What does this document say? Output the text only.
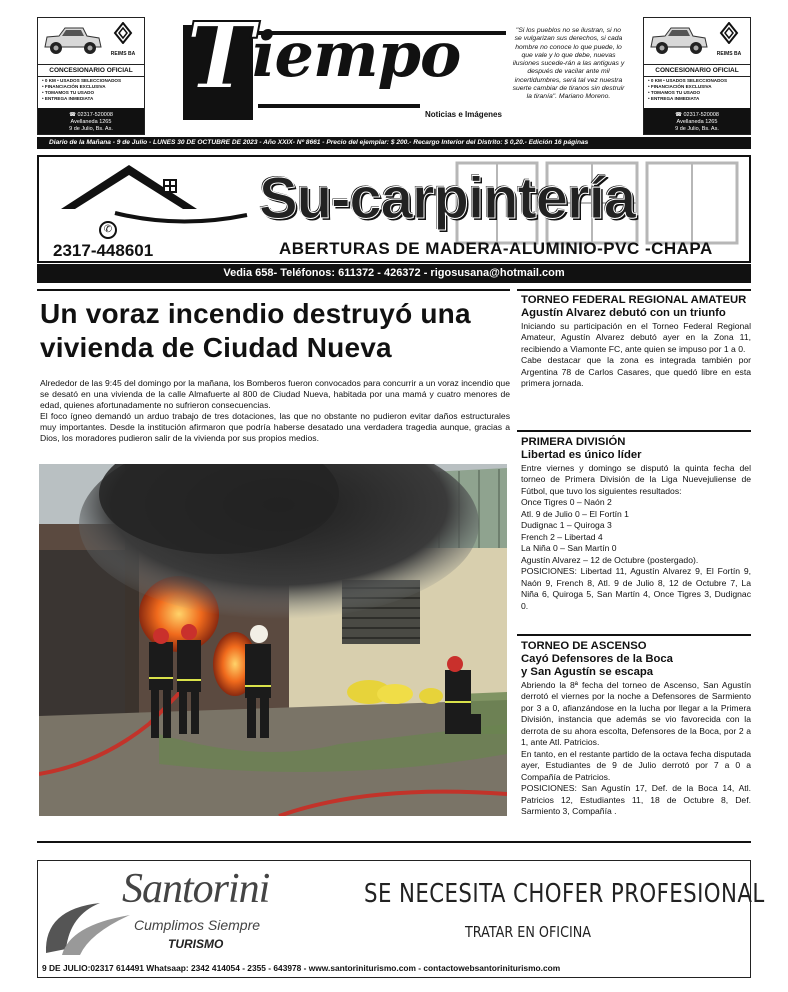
REIMS BA
CONCESIONARIO OFICIAL
• 0 KM • USADOS SELECCIONADOS
• FINANCIACIÓN EXCLUSIVA
• TOMAMOS TU USADO
• ENTREGA INMEDIATA
☎ 02317-520008
Avellaneda 1265
9 de Julio, Bs. As.
T
iempo
Noticias e Imágenes
"Si los pueblos no se ilustran, si no se vulgarizan sus derechos, si cada hombre no conoce lo que puede, lo que vale y lo que debe, nuevas ilusiones sucede-rán a las antiguas y después de vacilar ante mil incertidumbres, será tal vez nuestra suerte cambiar de tiranos sin destruir la tiranía". Mariano Moreno.
REIMS BA
CONCESIONARIO OFICIAL
• 0 KM • USADOS SELECCIONADOS
• FINANCIACIÓN EXCLUSIVA
• TOMAMOS TU USADO
• ENTREGA INMEDIATA
☎ 02317-520008
Avellaneda 1265
9 de Julio, Bs. As.
Diario de la Mañana - 9 de Julio - LUNES 30 DE OCTUBRE DE 2023 - Año XXIX- Nº 8661 - Precio del ejemplar: $ 200.- Recargo Interior del Distrito: $ 0,20.- Edición 16 páginas
Su-carpintería
✆
2317-448601	ABERTURAS DE MADERA-ALUMINIO-PVC -CHAPA
Vedia 658- Teléfonos: 611372 - 426372 - rigosusana@hotmail.com
Un voraz incendio destruyó una vivienda de Ciudad Nueva

Alrededor de las 9:45 del domingo por la mañana, los Bomberos fueron convocados para concurrir a un voraz incendio que se desató en una vivienda de la calle Almafuerte al 800 de Ciudad Nueva, habitada por una mamá y cuatro menores de edad, quienes afortunadamente no sufrieron consecuencias.

El foco ígneo demandó un arduo trabajo de tres dotaciones, las que no obstante no pudieron evitar daños estructurales muy importantes. Desde la institución afirmaron que podría haberse desatado una verdadera tragedia aunque, gracias a Dios, los moradores pudieron salir de la vivienda por sus propios medios.

TORNEO FEDERAL REGIONAL AMATEUR
Agustín Alvarez debutó con un triunfo

Iniciando su participación en el Torneo Federal Regional Amateur, Agustín Alvarez debutó ayer en la Zona 11, recibiendo a Viamonte FC, ante quien se impuso por 1 a 0.

Cabe destacar que la zona es integrada también por Argentina 78 de Carlos Casares, que quedó libre en esta primera jornada.

PRIMERA DIVISIÓN
Libertad es único líder

Entre viernes y domingo se disputó la quinta fecha del torneo de Primera División de la Liga Nuevejuliense de Fútbol, que tuvo los siguientes resultados:

Once Tigres 0 – Naón 2

Atl. 9 de Julio 0 – El Fortín 1

Dudignac 1 – Quiroga 3

French 2 – Libertad 4

La Niña 0 – San Martín 0

Agustín Alvarez – 12 de Octubre (postergado).

POSICIONES: Libertad 11, Agustín Alvarez 9, El Fortín 9, Naón 9, French 8, Atl. 9 de Julio 8, 12 de Octubre 7, La Niña 6, Quiroga 5, San Martín 4, Once Tigres 3, Dudignac 0.

TORNEO DE ASCENSO
Cayó Defensores de la Boca
y San Agustín se escapa

Abriendo la 8ª fecha del torneo de Ascenso, San Agustín derrotó el viernes por la noche a Defensores de Sarmiento por 3 a 0, afianzándose en la lucha por llegar a la Primera División, instancia que además se vio favorecida con la derrota de su ahora escolta, Defensores de la Boca, por 2 a 1, ante Atl. Patricios.

En tanto, en el restante partido de la octava fecha disputada ayer, Estudiantes de 9 de Julio derrotó por 7 a 0 a Compañía de Patricios.

POSICIONES: San Agustín 17, Def. de la Boca 14, Atl. Patricios 12, Estudiantes 11, 18 de Octubre 8, Def. Sarmiento 3, Compañía .

Santorini
Cumplimos Siempre
TURISMO
SE NECESITA CHOFER PROFESIONAL
TRATAR EN OFICINA
9 DE JULIO:02317 614491 Whatsaap: 2342 414054 - 2355 - 643978 - www.santoriniturismo.com - contactowebsantoriniturismo.com
